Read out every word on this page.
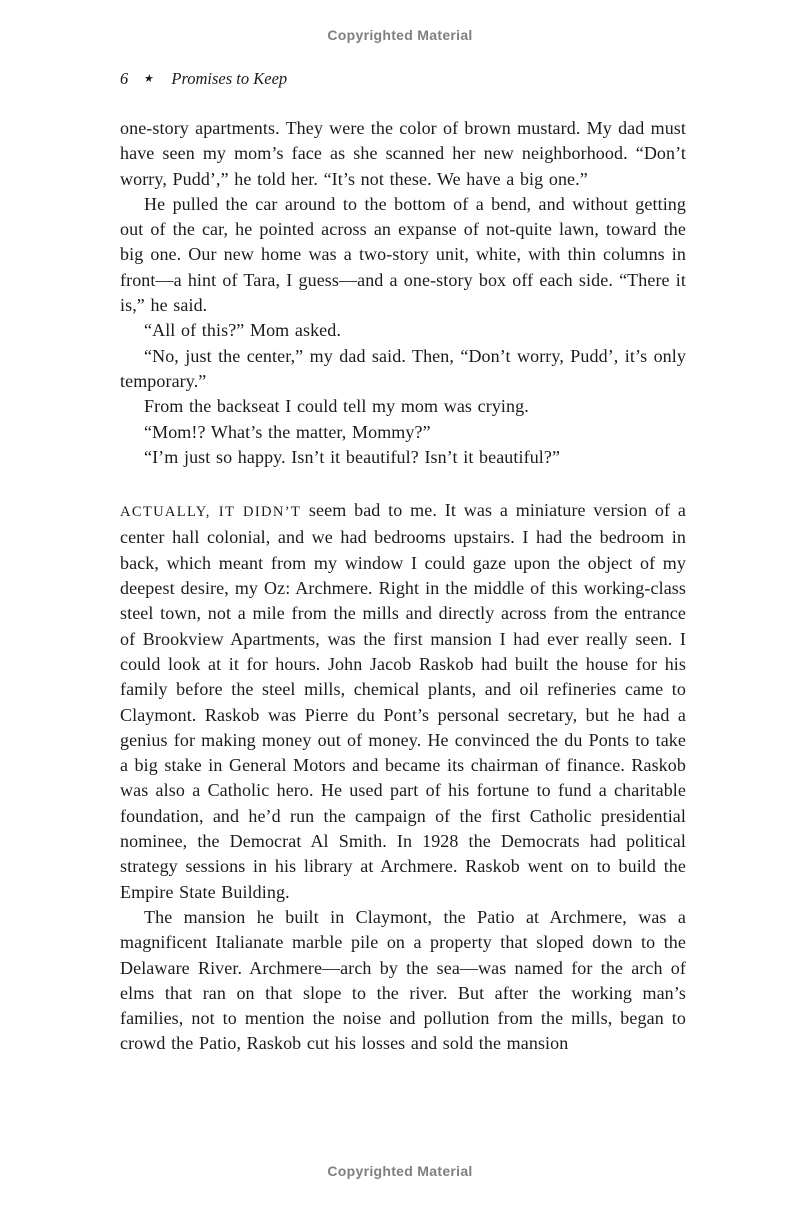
Copyrighted Material
6 ★ Promises to Keep

one-story apartments. They were the color of brown mustard. My dad must have seen my mom’s face as she scanned her new neighborhood. “Don’t worry, Pudd’,” he told her. “It’s not these. We have a big one.”

He pulled the car around to the bottom of a bend, and without getting out of the car, he pointed across an expanse of not-quite lawn, toward the big one. Our new home was a two-story unit, white, with thin columns in front—a hint of Tara, I guess—and a one-story box off each side. “There it is,” he said.

“All of this?” Mom asked.

“No, just the center,” my dad said. Then, “Don’t worry, Pudd’, it’s only temporary.”

From the backseat I could tell my mom was crying.

“Mom!? What’s the matter, Mommy?”

“I’m just so happy. Isn’t it beautiful? Isn’t it beautiful?”

ACTUALLY, IT DIDN’T seem bad to me. It was a miniature version of a center hall colonial, and we had bedrooms upstairs. I had the bedroom in back, which meant from my window I could gaze upon the object of my deepest desire, my Oz: Archmere. Right in the middle of this working-class steel town, not a mile from the mills and directly across from the entrance of Brookview Apartments, was the first mansion I had ever really seen. I could look at it for hours. John Jacob Raskob had built the house for his family before the steel mills, chemical plants, and oil refineries came to Claymont. Raskob was Pierre du Pont’s personal secretary, but he had a genius for making money out of money. He convinced the du Ponts to take a big stake in General Motors and became its chairman of finance. Raskob was also a Catholic hero. He used part of his fortune to fund a charitable foundation, and he’d run the campaign of the first Catholic presidential nominee, the Democrat Al Smith. In 1928 the Democrats had political strategy sessions in his library at Archmere. Raskob went on to build the Empire State Building.

The mansion he built in Claymont, the Patio at Archmere, was a magnificent Italianate marble pile on a property that sloped down to the Delaware River. Archmere—arch by the sea—was named for the arch of elms that ran on that slope to the river. But after the working man’s families, not to mention the noise and pollution from the mills, began to crowd the Patio, Raskob cut his losses and sold the mansion

Copyrighted Material
